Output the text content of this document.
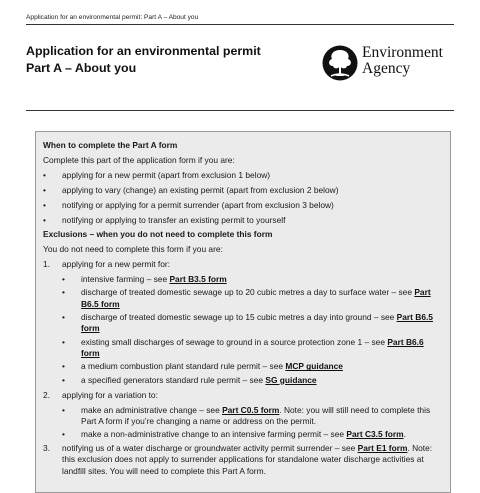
Application for an environmental permit: Part A – About you
Application for an environmental permit
Part A – About you
Environment
Agency
When to complete the Part A form
Complete this part of the application form if you are:
• applying for a new permit (apart from exclusion 1 below)
• applying to vary (change) an existing permit (apart from exclusion 2 below)
• notifying or applying for a permit surrender (apart from exclusion 3 below)
• notifying or applying to transfer an existing permit to yourself
Exclusions – when you do not need to complete this form
You do not need to complete this form if you are:
1. applying for a new permit for:
• intensive farming – see Part B3.5 form
• discharge of treated domestic sewage up to 20 cubic metres a day to surface water – see Part B6.5 form
• discharge of treated domestic sewage up to 15 cubic metres a day into ground – see Part B6.5 form
• existing small discharges of sewage to ground in a source protection zone 1 – see Part B6.6 form
• a medium combustion plant standard rule permit – see MCP guidance
• a specified generators standard rule permit – see SG guidance
2. applying for a variation to:
• make an administrative change – see Part C0.5 form. Note: you will still need to complete this Part A form if you’re changing a name or address on the permit.
• make a non-administrative change to an intensive farming permit – see Part C3.5 form.
3. notifying us of a water discharge or groundwater activity permit surrender – see Part E1 form. Note: this exclusion does not apply to surrender applications for standalone water discharge activities at landfill sites. You will need to complete this Part A form.
